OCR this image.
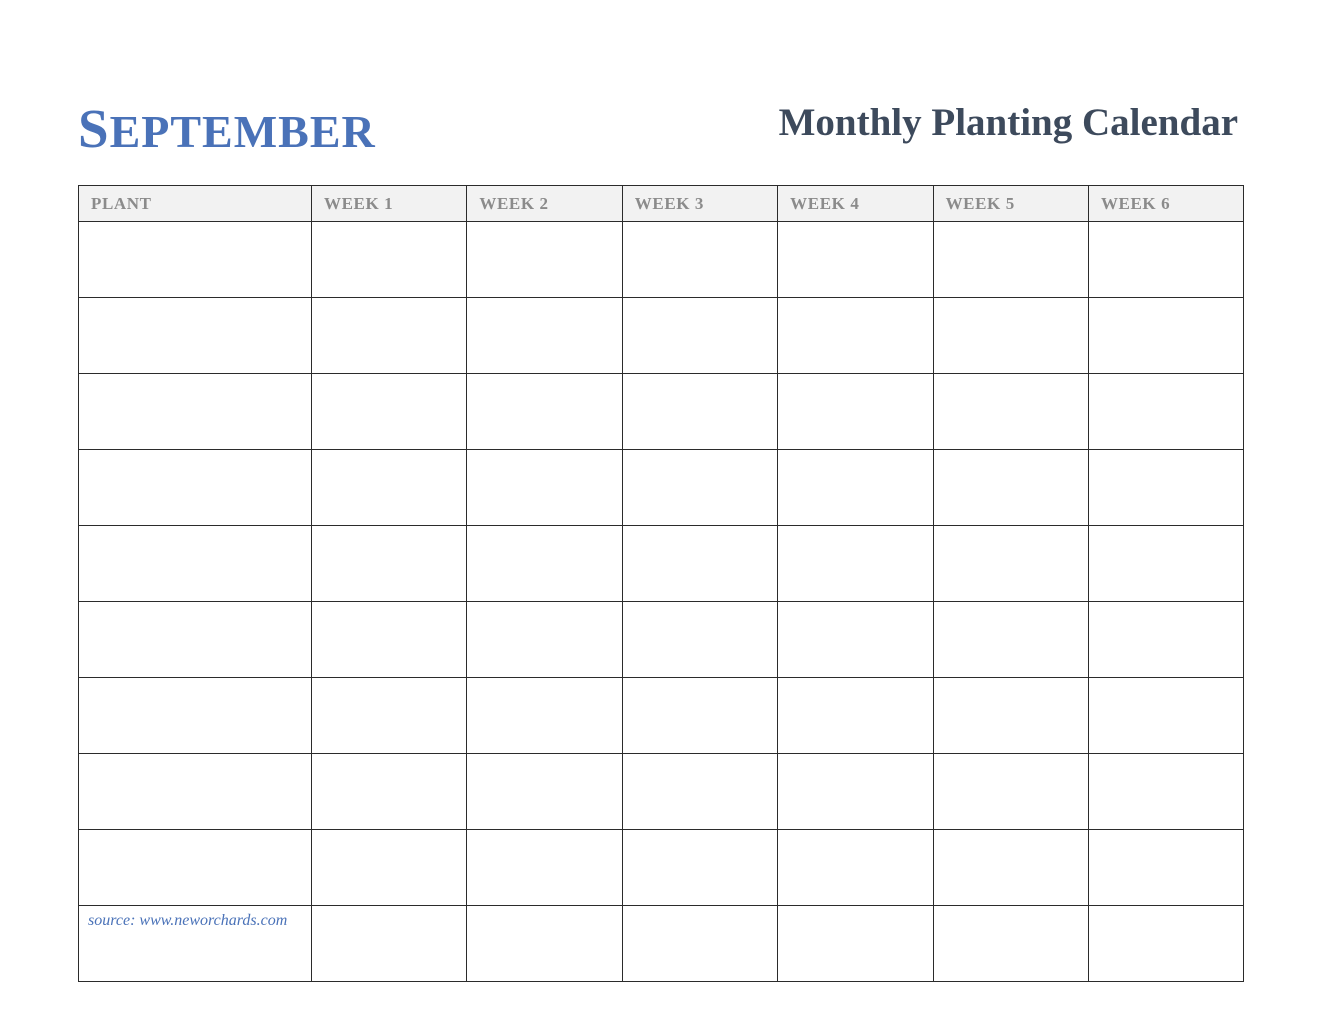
september	Monthly Planting Calendar
PLANT	WEEK 1	WEEK 2	WEEK 3	WEEK 4	WEEK 5	WEEK 6

source: www.neworchards.com
